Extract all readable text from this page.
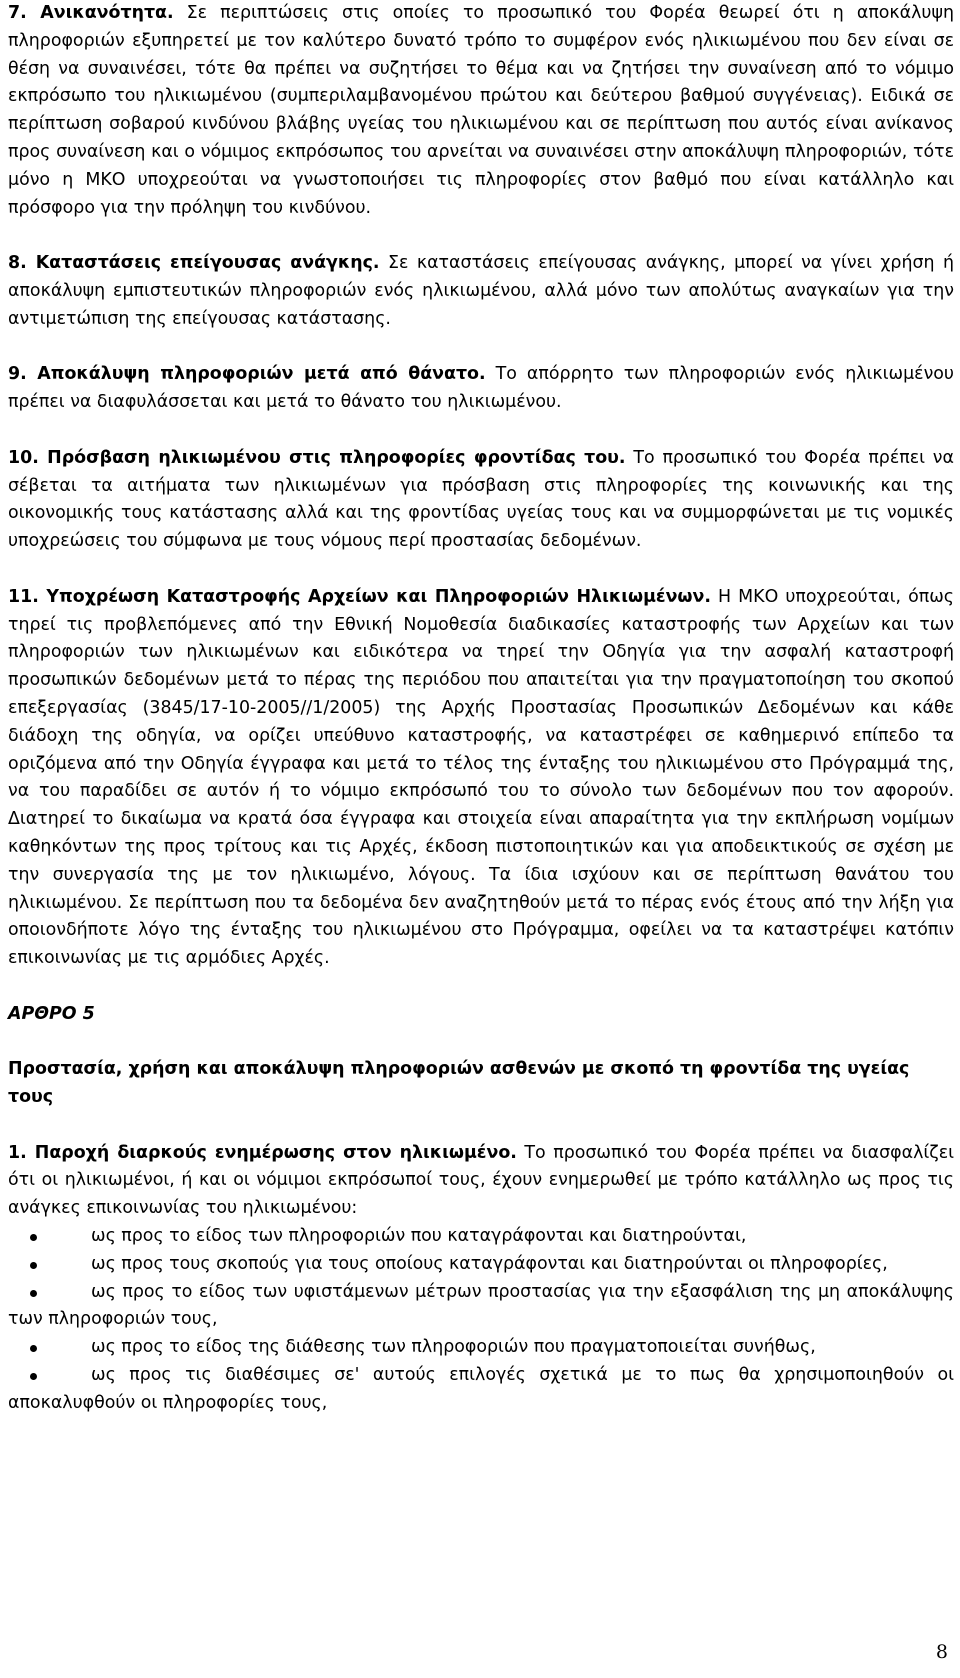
7. Ανικανότητα. Σε περιπτώσεις στις οποίες το προσωπικό του Φορέα θεωρεί ότι η αποκάλυψη πληροφοριών εξυπηρετεί με τον καλύτερο δυνατό τρόπο το συμφέρον ενός ηλικιωμένου που δεν είναι σε θέση να συναινέσει, τότε θα πρέπει να συζητήσει το θέμα και να ζητήσει την συναίνεση από το νόμιμο εκπρόσωπο του ηλικιωμένου (συμπεριλαμβανομένου πρώτου και δεύτερου βαθμού συγγένειας). Ειδικά σε περίπτωση σοβαρού κινδύνου βλάβης υγείας του ηλικιωμένου και σε περίπτωση που αυτός είναι ανίκανος προς συναίνεση και ο νόμιμος εκπρόσωπος του αρνείται να συναινέσει στην αποκάλυψη πληροφοριών, τότε μόνο η ΜΚΟ υποχρεούται να γνωστοποιήσει τις πληροφορίες στον βαθμό που είναι κατάλληλο και πρόσφορο για την πρόληψη του κινδύνου.

8. Καταστάσεις επείγουσας ανάγκης. Σε καταστάσεις επείγουσας ανάγκης, μπορεί να γίνει χρήση ή αποκάλυψη εμπιστευτικών πληροφοριών ενός ηλικιωμένου, αλλά μόνο των απολύτως αναγκαίων για την αντιμετώπιση της επείγουσας κατάστασης.

9. Αποκάλυψη πληροφοριών μετά από θάνατο. Το απόρρητο των πληροφοριών ενός ηλικιωμένου πρέπει να διαφυλάσσεται και μετά το θάνατο του ηλικιωμένου.

10. Πρόσβαση ηλικιωμένου στις πληροφορίες φροντίδας του. Το προσωπικό του Φορέα πρέπει να σέβεται τα αιτήματα των ηλικιωμένων για πρόσβαση στις πληροφορίες της κοινωνικής και της οικονομικής τους κατάστασης αλλά και της φροντίδας υγείας τους και να συμμορφώνεται με τις νομικές υποχρεώσεις του σύμφωνα με τους νόμους περί προστασίας δεδομένων.

11. Υποχρέωση Καταστροφής Αρχείων και Πληροφοριών Ηλικιωμένων. Η ΜΚΟ υποχρεούται, όπως τηρεί τις προβλεπόμενες από την Εθνική Νομοθεσία διαδικασίες καταστροφής των Αρχείων και των πληροφοριών των ηλικιωμένων και ειδικότερα να τηρεί την Οδηγία για την ασφαλή καταστροφή προσωπικών δεδομένων μετά το πέρας της περιόδου που απαιτείται για την πραγματοποίηση του σκοπού επεξεργασίας (3845/17-10-2005//1/2005) της Αρχής Προστασίας Προσωπικών Δεδομένων και κάθε διάδοχη της οδηγία, να ορίζει υπεύθυνο καταστροφής, να καταστρέφει σε καθημερινό επίπεδο τα οριζόμενα από την Οδηγία έγγραφα και μετά το τέλος της ένταξης του ηλικιωμένου στο Πρόγραμμά της, να του παραδίδει σε αυτόν ή το νόμιμο εκπρόσωπό του το σύνολο των δεδομένων που τον αφορούν. Διατηρεί το δικαίωμα να κρατά όσα έγγραφα και στοιχεία είναι απαραίτητα για την εκπλήρωση νομίμων καθηκόντων της προς τρίτους και τις Αρχές, έκδοση πιστοποιητικών και για αποδεικτικούς σε σχέση με την συνεργασία της με τον ηλικιωμένο, λόγους. Τα ίδια ισχύουν και σε περίπτωση θανάτου του ηλικιωμένου. Σε περίπτωση που τα δεδομένα δεν αναζητηθούν μετά το πέρας ενός έτους από την λήξη για οποιονδήποτε λόγο της ένταξης του ηλικιωμένου στο Πρόγραμμα, οφείλει να τα καταστρέψει κατόπιν επικοινωνίας με τις αρμόδιες Αρχές.

ΑΡΘΡΟ 5
Προστασία, χρήση και αποκάλυψη πληροφοριών ασθενών με σκοπό τη φροντίδα της υγείας τους

1. Παροχή διαρκούς ενημέρωσης στον ηλικιωμένο. Το προσωπικό του Φορέα πρέπει να διασφαλίζει ότι οι ηλικιωμένοι, ή και οι νόμιμοι εκπρόσωποί τους, έχουν ενημερωθεί με τρόπο κατάλληλο ως προς τις ανάγκες επικοινωνίας του ηλικιωμένου:

ως προς το είδος των πληροφοριών που καταγράφονται και διατηρούνται,
ως προς τους σκοπούς για τους οποίους καταγράφονται και διατηρούνται οι πληροφορίες,
ως προς το είδος των υφιστάμενων μέτρων προστασίας για την εξασφάλιση της μη αποκάλυψης των πληροφοριών τους,
ως προς το είδος της διάθεσης των πληροφοριών που πραγματοποιείται συνήθως,
ως προς τις διαθέσιμες σε' αυτούς επιλογές σχετικά με το πως θα χρησιμοποιηθούν οι αποκαλυφθούν οι πληροφορίες τους,
8
